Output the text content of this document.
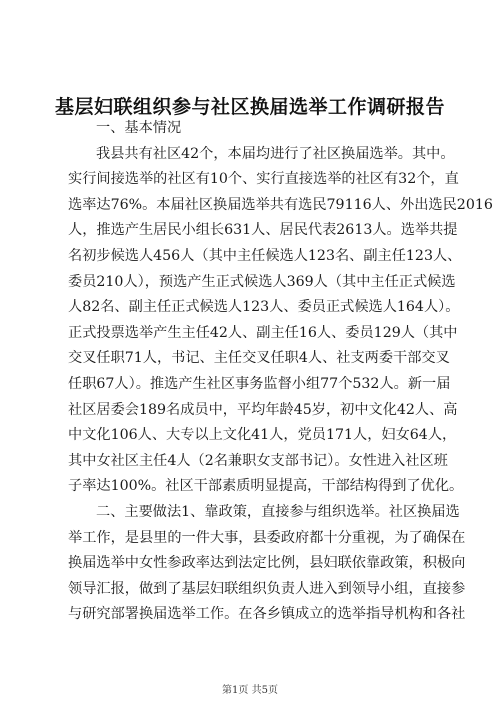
基层妇联组织参与社区换届选举工作调研报告
一、基本情况
我县共有社区42个，本届均进行了社区换届选举。其中。
实行间接选举的社区有10个、实行直接选举的社区有32个，直
选率达76%。本届社区换届选举共有选民79116人、外出选民2016
人，推选产生居民小组长631人、居民代表2613人。选举共提
名初步候选人456人（其中主任候选人123名、副主任123人、
委员210人），预选产生正式候选人369人（其中主任正式候选
人82名、副主任正式候选人123人、委员正式候选人164人）。
正式投票选举产生主任42人、副主任16人、委员129人（其中
交叉任职71人，书记、主任交叉任职4人、社支两委干部交叉
任职67人）。推选产生社区事务监督小组77个532人。新一届
社区居委会189名成员中，平均年龄45岁，初中文化42人、高
中文化106人、大专以上文化41人，党员171人，妇女64人，
其中女社区主任4人（2名兼职女支部书记）。女性进入社区班
子率达100%。社区干部素质明显提高，干部结构得到了优化。
二、主要做法1、靠政策，直接参与组织选举。社区换届选
举工作，是县里的一件大事，县委政府都十分重视，为了确保在
换届选举中女性参政率达到法定比例，县妇联依靠政策，积极向
领导汇报，做到了基层妇联组织负责人进入到领导小组，直接参
与研究部署换届选举工作。在各乡镇成立的选举指导机构和各社
第1页 共5页
